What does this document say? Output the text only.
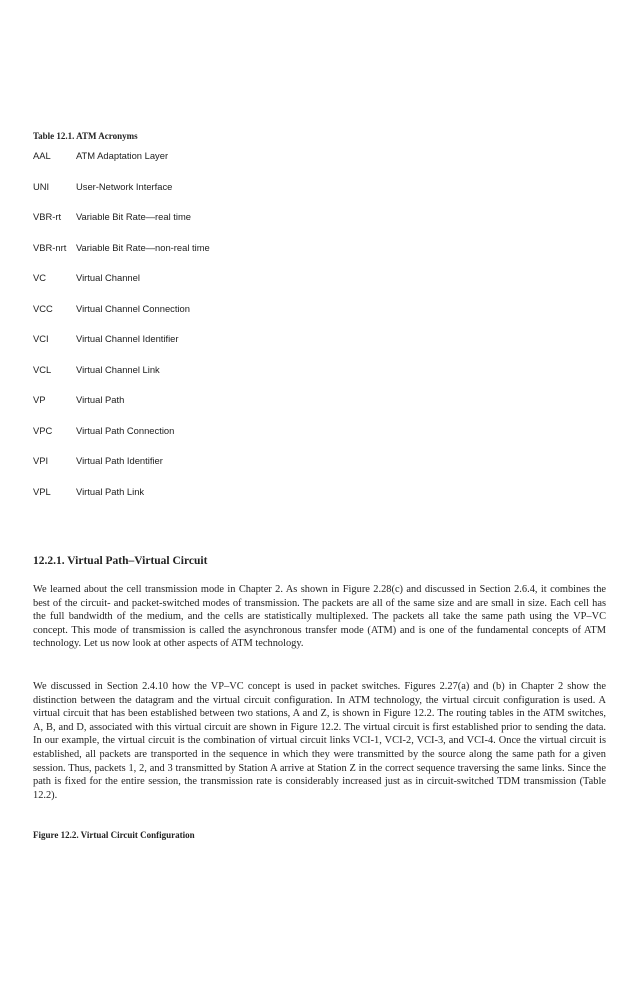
Table 12.1. ATM Acronyms
AAL	ATM Adaptation Layer
UNI	User-Network Interface
VBR-rt Variable Bit Rate—real time
VBR-nrt Variable Bit Rate—non-real time
VC	Virtual Channel
VCC Virtual Channel Connection
VCI	Virtual Channel Identifier
VCL	Virtual Channel Link
VP	Virtual Path
VPC	Virtual Path Connection
VPI	Virtual Path Identifier
VPL	Virtual Path Link
12.2.1. Virtual Path–Virtual Circuit

We learned about the cell transmission mode in Chapter 2. As shown in Figure 2.28(c) and discussed in Section 2.6.4, it combines the best of the circuit- and packet-switched modes of transmission. The packets are all of the same size and are small in size. Each cell has the full bandwidth of the medium, and the cells are statistically multiplexed. The packets all take the same path using the VP–VC concept. This mode of transmission is called the asynchronous transfer mode (ATM) and is one of the fundamental concepts of ATM technology. Let us now look at other aspects of ATM technology.

We discussed in Section 2.4.10 how the VP–VC concept is used in packet switches. Figures 2.27(a) and (b) in Chapter 2 show the distinction between the datagram and the virtual circuit configuration. In ATM technology, the virtual circuit configuration is used. A virtual circuit that has been established between two stations, A and Z, is shown in Figure 12.2. The routing tables in the ATM switches, A, B, and D, associated with this virtual circuit are shown in Figure 12.2. The virtual circuit is first established prior to sending the data. In our example, the virtual circuit is the combination of virtual circuit links VCI-1, VCI-2, VCI-3, and VCI-4. Once the virtual circuit is established, all packets are transported in the sequence in which they were transmitted by the source along the same path for a given session. Thus, packets 1, 2, and 3 transmitted by Station A arrive at Station Z in the correct sequence traversing the same links. Since the path is fixed for the entire session, the transmission rate is considerably increased just as in circuit-switched TDM transmission (Table 12.2).

Figure 12.2. Virtual Circuit Configuration
